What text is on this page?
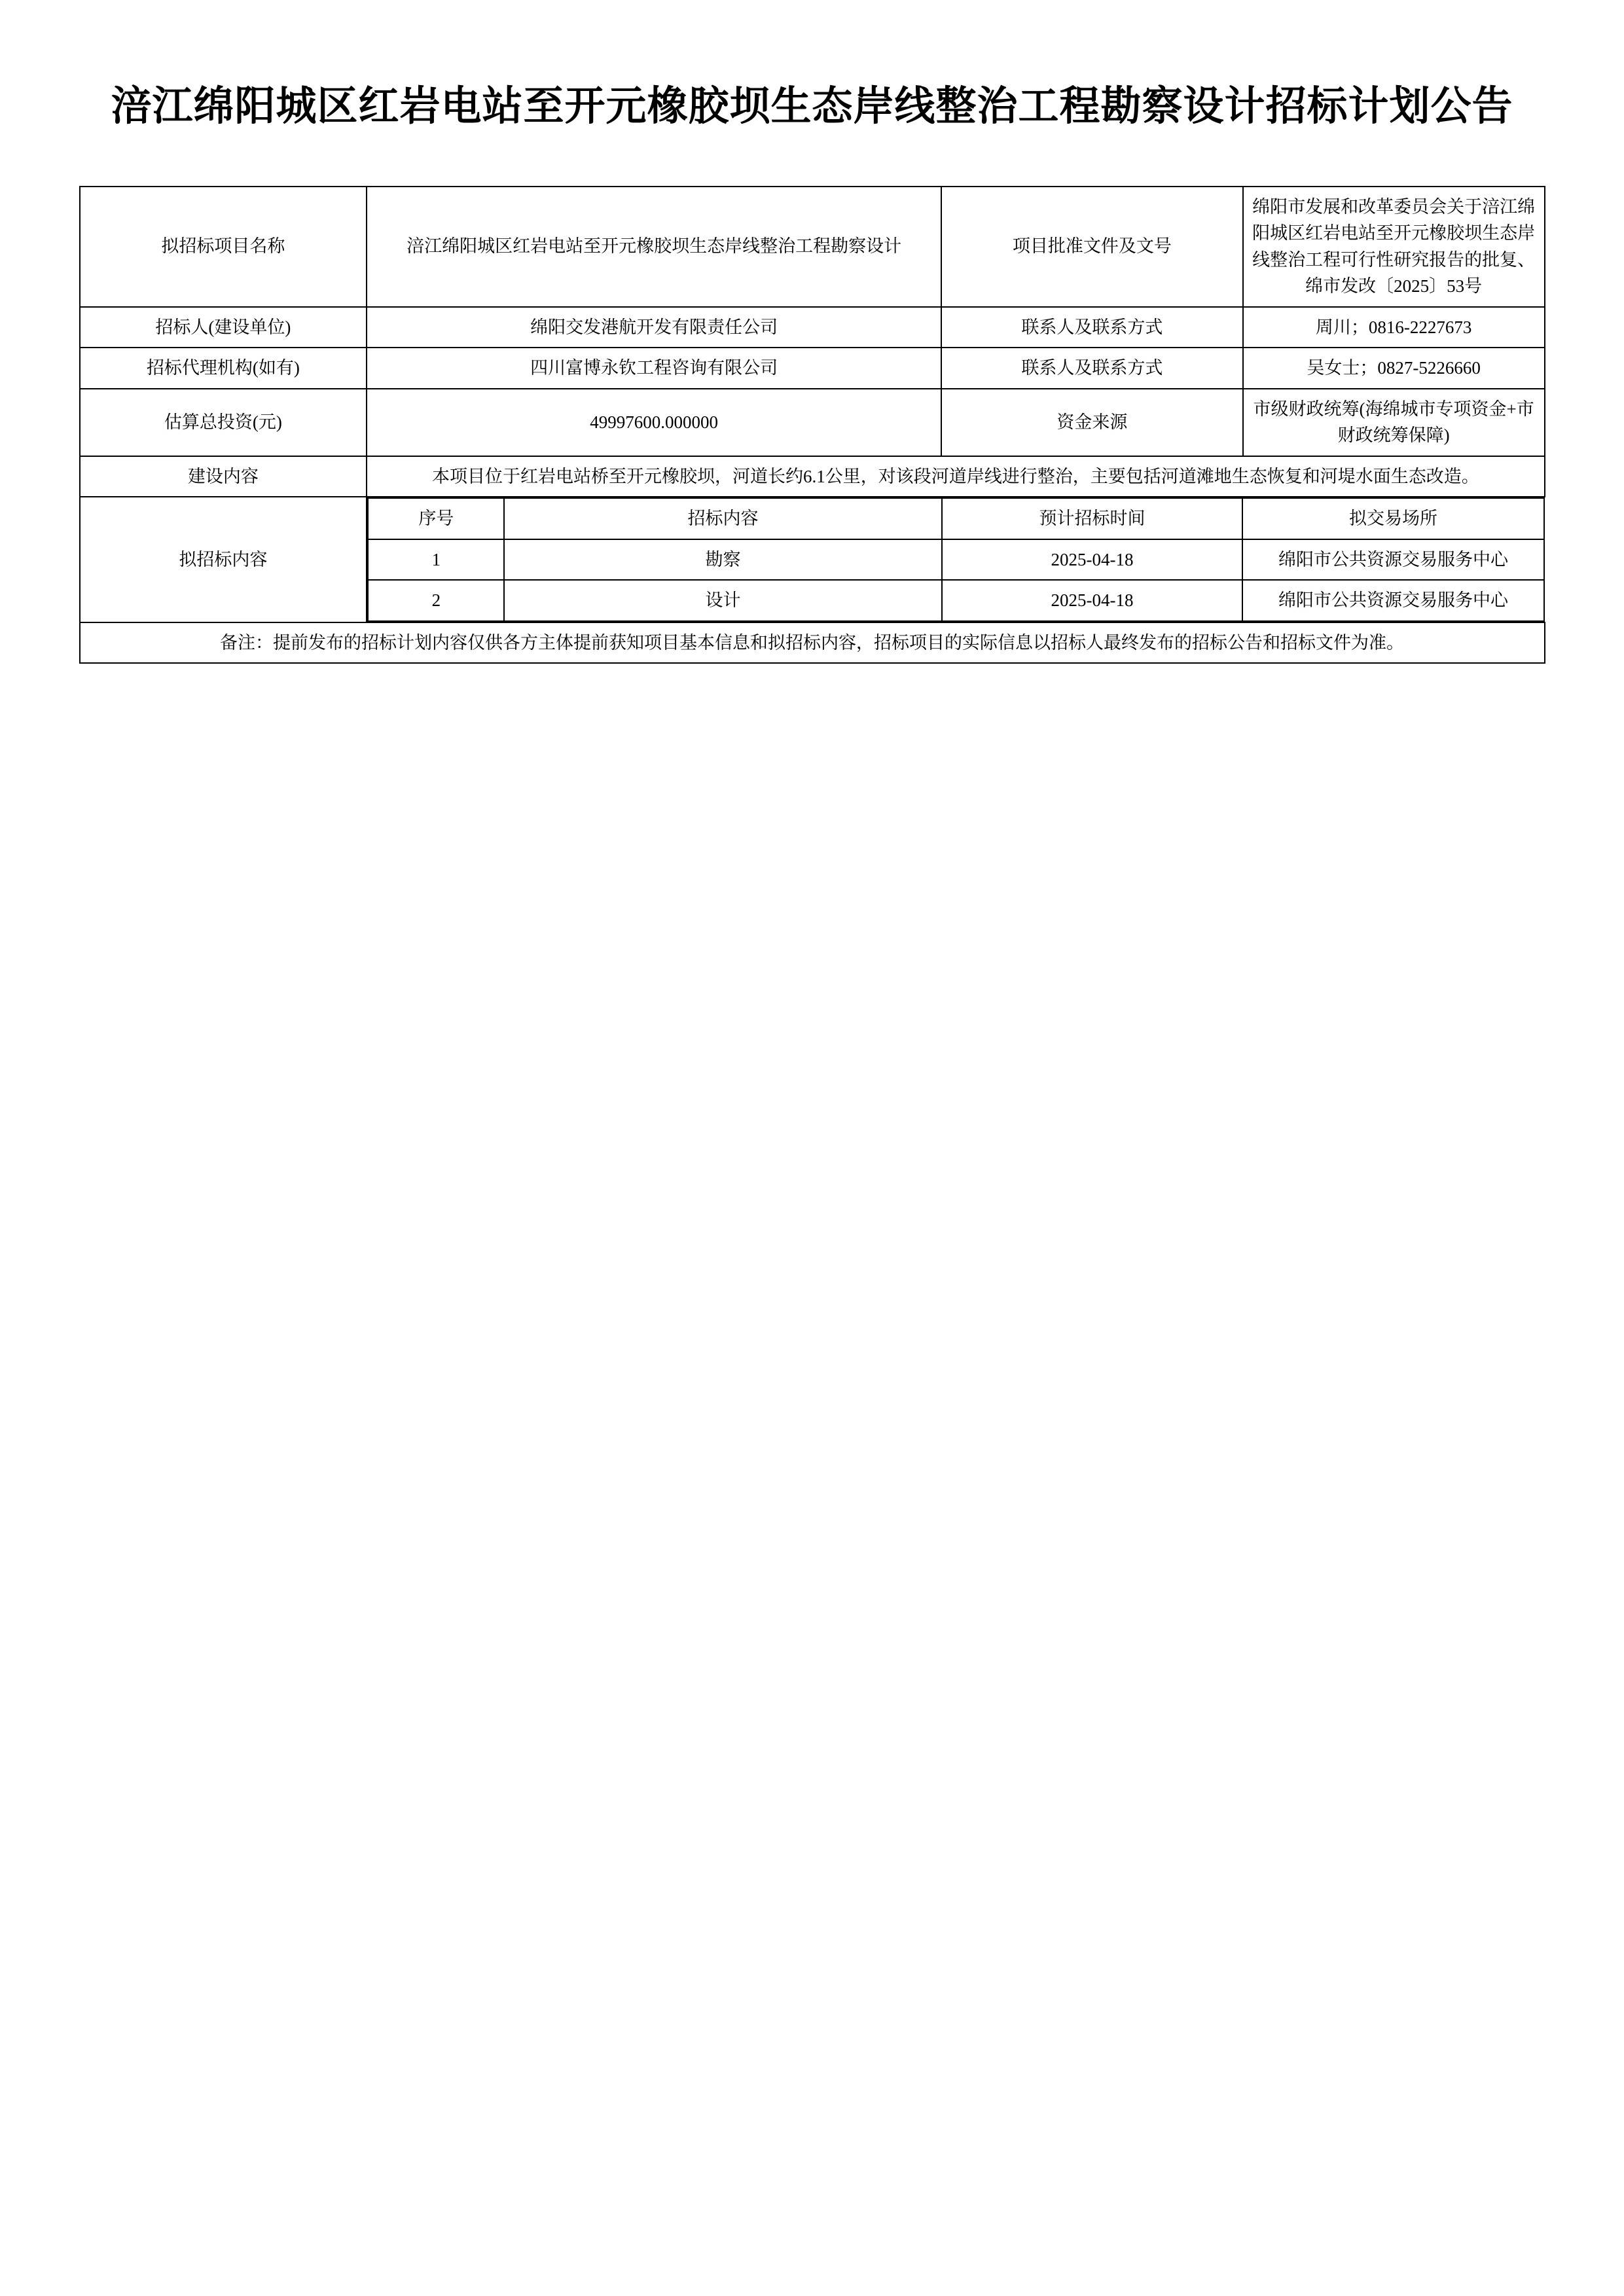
涪江绵阳城区红岩电站至开元橡胶坝生态岸线整治工程勘察设计招标计划公告
拟招标项目名称	涪江绵阳城区红岩电站至开元橡胶坝生态岸线整治工程勘察设计	项目批准文件及文号	绵阳市发展和改革委员会关于涪江绵阳城区红岩电站至开元橡胶坝生态岸线整治工程可行性研究报告的批复、绵市发改〔2025〕53号
招标人(建设单位)	绵阳交发港航开发有限责任公司	联系人及联系方式	周川；0816-2227673
招标代理机构(如有)	四川富博永钦工程咨询有限公司	联系人及联系方式	吴女士；0827-5226660
估算总投资(元)	49997600.000000	资金来源	市级财政统筹(海绵城市专项资金+市财政统筹保障)
建设内容	本项目位于红岩电站桥至开元橡胶坝，河道长约6.1公里，对该段河道岸线进行整治，主要包括河道滩地生态恢复和河堤水面生态改造。
拟招标内容	
序号	招标内容	预计招标时间	拟交易场所
1	勘察	2025-04-18	绵阳市公共资源交易服务中心
2	设计	2025-04-18	绵阳市公共资源交易服务中心

备注：提前发布的招标计划内容仅供各方主体提前获知项目基本信息和拟招标内容，招标项目的实际信息以招标人最终发布的招标公告和招标文件为准。
